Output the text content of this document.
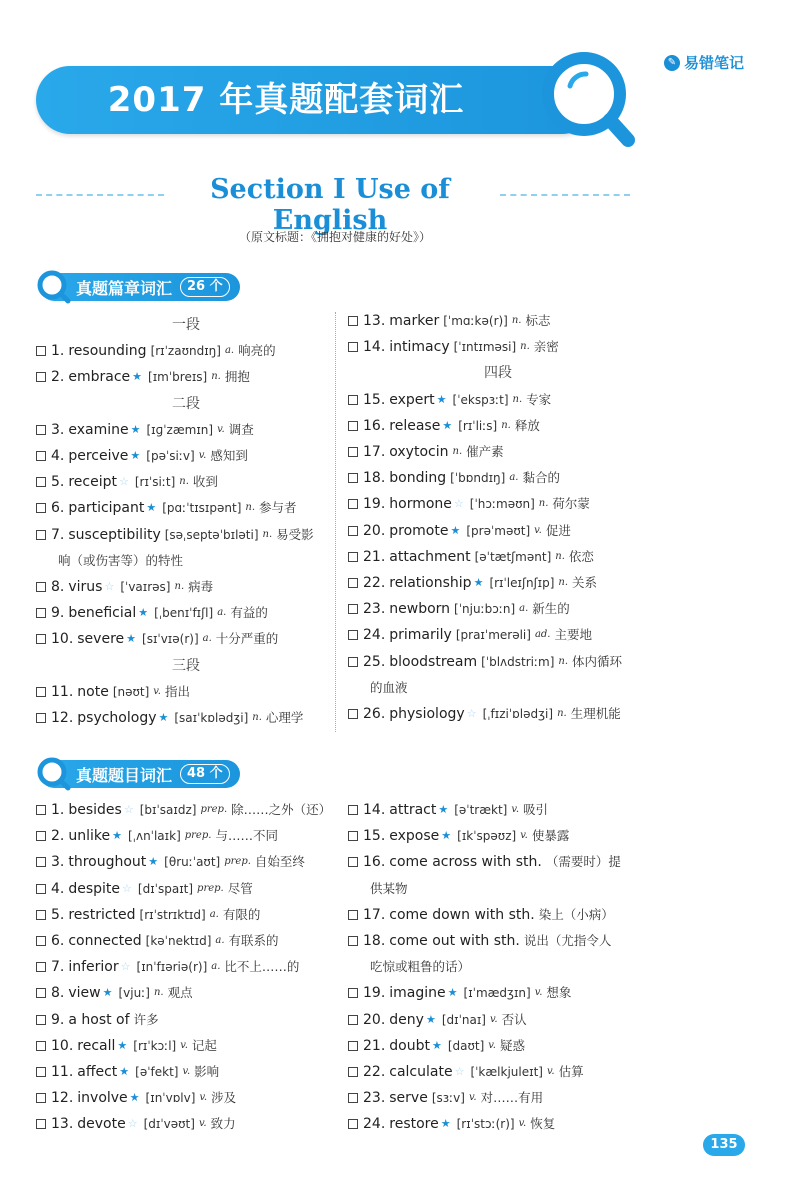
✎ 易错笔记
2017 年真题配套词汇
Section Ⅰ Use of English
（原文标题：《拥抱对健康的好处》）
真题篇章词汇	26 个
一段
1. resounding [rɪˈzaʊndɪŋ] a. 响亮的
2. embrace ★ [ɪmˈbreɪs] n. 拥抱
二段
3. examine ★ [ɪɡˈzæmɪn] v. 调查
4. perceive ★ [pəˈsiːv] v. 感知到
5. receipt ☆ [rɪˈsiːt] n. 收到
6. participant ★ [pɑːˈtɪsɪpənt] n. 参与者
7. susceptibility [səˌseptəˈbɪləti] n. 易受影
响（或伤害等）的特性
8. virus ☆ [ˈvaɪrəs] n. 病毒
9. beneficial ★ [ˌbenɪˈfɪʃl] a. 有益的
10. severe ★ [sɪˈvɪə(r)] a. 十分严重的
三段
11. note [nəʊt] v. 指出
12. psychology ★ [saɪˈkɒlədʒi] n. 心理学
13. marker [ˈmɑːkə(r)] n. 标志
14. intimacy [ˈɪntɪməsi] n. 亲密
四段
15. expert ★ [ˈekspɜːt] n. 专家
16. release ★ [rɪˈliːs] n. 释放
17. oxytocin n. 催产素
18. bonding [ˈbɒndɪŋ] a. 黏合的
19. hormone ☆ [ˈhɔːməʊn] n. 荷尔蒙
20. promote ★ [prəˈməʊt] v. 促进
21. attachment [əˈtætʃmənt] n. 依恋
22. relationship ★ [rɪˈleɪʃnʃɪp] n. 关系
23. newborn [ˈnjuːbɔːn] a. 新生的
24. primarily [praɪˈmerəli] ad. 主要地
25. bloodstream [ˈblʌdstriːm] n. 体内循环
的血液
26. physiology ☆ [ˌfɪziˈɒlədʒi] n. 生理机能
真题题目词汇	48 个
1. besides ☆ [bɪˈsaɪdz] prep. 除……之外（还）
2. unlike ★ [ˌʌnˈlaɪk] prep. 与……不同
3. throughout ★ [θruːˈaʊt] prep. 自始至终
4. despite ☆ [dɪˈspaɪt] prep. 尽管
5. restricted [rɪˈstrɪktɪd] a. 有限的
6. connected [kəˈnektɪd] a. 有联系的
7. inferior ☆ [ɪnˈfɪəriə(r)] a. 比不上……的
8. view ★ [vjuː] n. 观点
9. a host of 许多
10. recall ★ [rɪˈkɔːl] v. 记起
11. affect ★ [əˈfekt] v. 影响
12. involve ★ [ɪnˈvɒlv] v. 涉及
13. devote ☆ [dɪˈvəʊt] v. 致力
14. attract ★ [əˈtrækt] v. 吸引
15. expose ★ [ɪkˈspəʊz] v. 使暴露
16. come across with sth. （需要时）提
供某物
17. come down with sth. 染上（小病）
18. come out with sth. 说出（尤指令人
吃惊或粗鲁的话）
19. imagine ★ [ɪˈmædʒɪn] v. 想象
20. deny ★ [dɪˈnaɪ] v. 否认
21. doubt ★ [daʊt] v. 疑惑
22. calculate ☆ [ˈkælkjuleɪt] v. 估算
23. serve [sɜːv] v. 对……有用
24. restore ★ [rɪˈstɔː(r)] v. 恢复
135
